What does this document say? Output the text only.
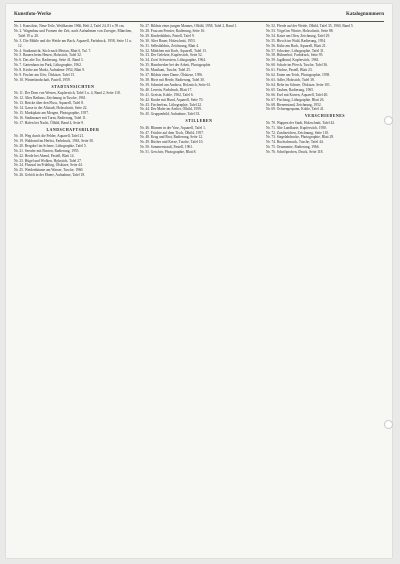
Kunstfoto-Werke	Katalognummern

Nr. 1. Kunstfoto, Neue Teile, Weißkasten 1966, Heft 2, Tafel 24, 81 x 59 cm.

Nr. 2. Wagenbau und Formen der Zeit, nach Aufnahmen von Zwerger, München, Tafel 19 u. 20.

Nr. 3. Die Mühle und die Weide am Bach, Aquarell, Farbdruck, 1958, Seite 11 u. 12.

Nr. 4. Stadtansicht, Stich nach Merian, Blatt 6, Taf. 7.

Nr. 5. Bauern beim Heuen, Holzstich, Tafel 32.

Nr. 6. Das alte Tor, Radierung, Seite 41, Band 3.

Nr. 7. Gartenhaus im Park, Lithographie, 1962.

Nr. 8. Kirche am Markt, Aufnahme 1954, Blatt 9.

Nr. 9. Fischer am Ufer, Ölskizze, Tafel 15.

Nr. 10. Winterlandschaft, Pastell, 1959.

STADTANSICHTEN

Nr. 11. Der Dom von Westen, Kupferstich, Tafel 3 u. 4, Band 2, Seite 118.

Nr. 12. Altes Rathaus, Zeichnung in Tusche, 1961.

Nr. 13. Brücke über den Fluss, Aquarell, Tafel 8.

Nr. 14. Gasse in der Altstadt, Holzschnitt, Seite 22.

Nr. 15. Marktplatz am Morgen, Photographie, 1957.

Nr. 16. Stadtmauer mit Turm, Radierung, Tafel 11.

Nr. 17. Hafen bei Nacht, Ölbild, Band 4, Seite 9.

LANDSCHAFTSBILDER

Nr. 18. Weg durch die Felder, Aquarell, Tafel 21.

Nr. 19. Waldrand im Herbst, Farbdruck, 1963, Seite 30.

Nr. 20. Bergdorf im Schnee, Lithographie, Tafel 5.

Nr. 21. Seeufer mit Booten, Radierung, 1955.

Nr. 22. Heide bei Abend, Pastell, Blatt 14.

Nr. 23. Hügel und Wolken, Holzstich, Tafel 27.

Nr. 24. Flusstal im Frühling, Ölskizze, Seite 44.

Nr. 25. Weidenbäume am Wasser, Tusche, 1960.

Nr. 26. Gehöft in der Ebene, Aufnahme, Tafel 18.

Nr. 27. Bildnis eines jungen Mannes, Ölbild, 1958, Tafel 2, Band 1.

Nr. 28. Frau am Fenster, Radierung, Seite 16.

Nr. 29. Kinderbildnis, Pastell, Tafel 9.

Nr. 30. Alter Bauer, Holzschnitt, 1953.

Nr. 31. Selbstbildnis, Zeichnung, Blatt 4.

Nr. 32. Mädchen mit Korb, Aquarell, Tafel 13.

Nr. 33. Der Gelehrte, Kupferstich, Seite 52.

Nr. 34. Zwei Schwestern, Lithographie, 1964.

Nr. 35. Handwerker bei der Arbeit, Photographie.

Nr. 36. Musikant, Tusche, Tafel 25.

Nr. 37. Bildnis einer Dame, Ölskizze, 1956.

Nr. 38. Hirte mit Herde, Radierung, Tafel 30.

Nr. 39. Schmied am Amboss, Holzstich, Seite 61.

Nr. 40. Leserin, Farbdruck, Blatt 17.

Nr. 41. Greisin, Kohle, 1962, Tafel 6.

Nr. 42. Knabe mit Hund, Aquarell, Seite 70.

Nr. 43. Fischerfrau, Lithographie, Tafel 22.

Nr. 44. Der Maler im Atelier, Ölbild, 1959.

Nr. 45. Gruppenbild, Aufnahme, Tafel 33.

STILLEBEN

Nr. 46. Blumen in der Vase, Aquarell, Tafel 1.

Nr. 47. Früchte auf dem Tisch, Ölbild, 1957.

Nr. 48. Krug und Brot, Radierung, Seite 12.

Nr. 49. Bücher und Kerze, Tusche, Tafel 10.

Nr. 50. Sommerstrauß, Pastell, 1961.

Nr. 51. Geschirr, Photographie, Blatt 8.

Nr. 52. Pferde auf der Weide, Ölbild, Tafel 35, 1960, Band 5.

Nr. 53. Vögel im Winter, Holzschnitt, Seite 88.

Nr. 54. Katze am Ofen, Zeichnung, Tafel 29.

Nr. 55. Hirsch im Wald, Radierung, 1954.

Nr. 56. Kühe am Bach, Aquarell, Blatt 21.

Nr. 57. Schwäne, Lithographie, Tafel 31.

Nr. 58. Hühnerhof, Farbdruck, Seite 95.

Nr. 59. Jagdhund, Kupferstich, 1963.

Nr. 60. Schafe im Pferch, Tusche, Tafel 36.

Nr. 61. Füchse, Pastell, Blatt 23.

Nr. 62. Enten am Teich, Photographie, 1958.

Nr. 63. Adler, Holzstich, Tafel 38.

Nr. 64. Rehe im Schnee, Ölskizze, Seite 101.

Nr. 65. Tauben, Radierung, 1965.

Nr. 66. Esel mit Karren, Aquarell, Tafel 40.

Nr. 67. Fischzug, Lithographie, Blatt 26.

Nr. 68. Bienenstand, Zeichnung, 1952.

Nr. 69. Ochsengespann, Kohle, Tafel 41.

VERSCHIEDENES

Nr. 70. Wappen der Stadt, Holzschnitt, Tafel 42.

Nr. 71. Alte Landkarte, Kupferstich, 1950.

Nr. 72. Zunftzeichen, Zeichnung, Seite 110.

Nr. 73. Siegelabdrucke, Photographie, Blatt 29.

Nr. 74. Buchschmuck, Tusche, Tafel 44.

Nr. 75. Ornamente, Radierung, 1966.

Nr. 76. Schriftproben, Druck, Seite 118.
